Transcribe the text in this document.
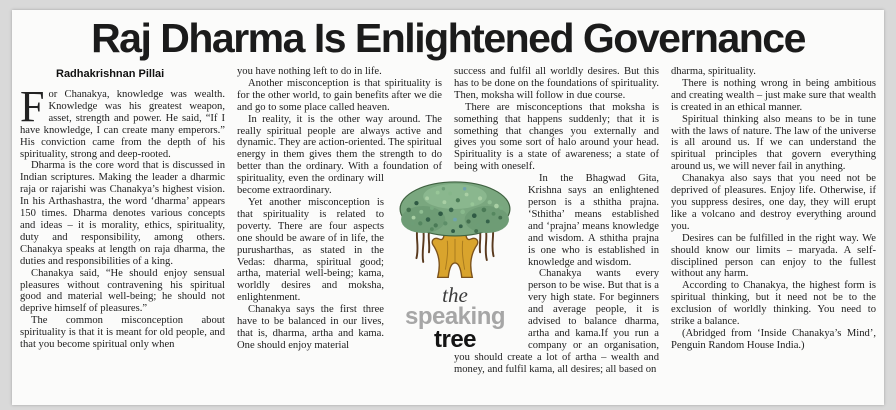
Raj Dharma Is Enlightened Governance
Radhakrishnan Pillai

For Chanakya, knowledge was wealth. Knowledge was his greatest weapon, asset, strength and power. He said, “If I have knowledge, I can create many emperors.” His conviction came from the depth of his spirituality, strong and deep-rooted.

Dharma is the core word that is discussed in Indian scriptures. Making the leader a dharmic raja or rajarishi was Chanakya’s highest vision. In his Arthashastra, the word ‘dharma’ appears 150 times. Dharma denotes various concepts and ideas – it is morality, ethics, spirituality, duty and responsibility, among others. Chanakya speaks at length on raja dharma, the duties and responsibilities of a king.

Chanakya said, “He should enjoy sensual pleasures without contravening his spiritual good and material well-being; he should not deprive himself of pleasures.”

The common misconception about spirituality is that it is meant for old people, and that you become spiritual only when

you have nothing left to do in life.

Another misconception is that spirituality is for the other world, to gain benefits after we die and go to some place called heaven.

In reality, it is the other way around. The really spiritual people are always active and dynamic. They are action-oriented. The spiritual energy in them gives them the strength to do better than the ordinary. With a foundation of spirituality, even the ordinary will become extraordinary.

Yet another misconception is that spirituality is related to poverty. There are four aspects one should be aware of in life, the purusharthas, as stated in the Vedas: dharma, spiritual good; artha, material well-being; kama, worldly desires and moksha, enlightenment.

Chanakya says the first three have to be balanced in our lives, that is, dharma, artha and kama. One should enjoy material

success and fulfil all worldly desires. But this has to be done on the foundations of spirituality. Then, moksha will follow in due course.

There are misconceptions that moksha is something that happens suddenly; that it is something that changes you externally and gives you some sort of halo around your head. Spirituality is a state of awareness; a state of being with oneself.

In the Bhagwad Gita, Krishna says an enlightened person is a sthitha prajna. ‘Sthitha’ means established and ‘prajna’ means knowledge and wisdom. A sthitha prajna is one who is established in knowledge and wisdom.

Chanakya wants every person to be wise. But that is a very high state. For beginners and average people, it is advised to balance dharma, artha and kama.If you run a company or an organisation, you should create a lot of artha – wealth and money, and fulfil kama, all desires; all based on

dharma, spirituality.

There is nothing wrong in being ambitious and creating wealth – just make sure that wealth is created in an ethical manner.

Spiritual thinking also means to be in tune with the laws of nature. The law of the universe is all around us. If we can understand the spiritual principles that govern everything around us, we will never fail in anything.

Chanakya also says that you need not be deprived of pleasures. Enjoy life. Otherwise, if you suppress desires, one day, they will erupt like a volcano and destroy everything around you.

Desires can be fulfilled in the right way. We should know our limits – maryada. A self-disciplined person can enjoy to the fullest without any harm.

According to Chanakya, the highest form is spiritual thinking, but it need not be to the exclusion of worldly thinking. You need to strike a balance.

(Abridged from ‘Inside Chanakya’s Mind’, Penguin Random House India.)

the
speaking
tree
